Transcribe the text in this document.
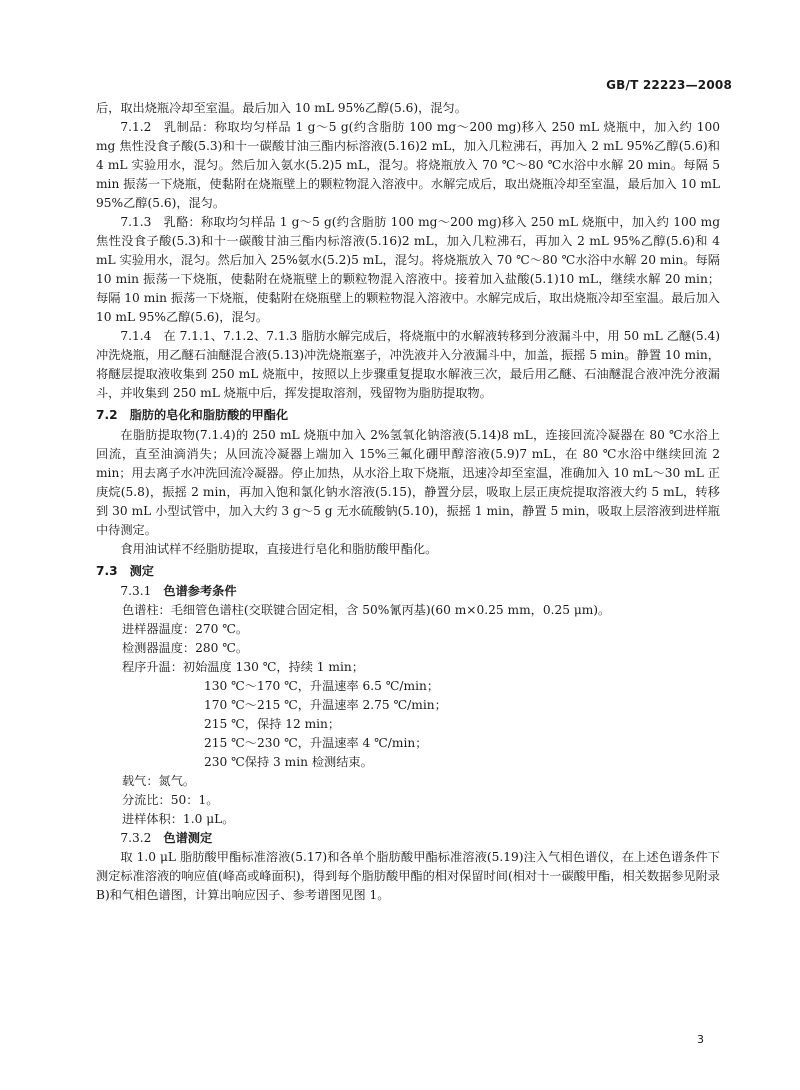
GB/T 22223—2008
后，取出烧瓶冷却至室温。最后加入 10 mL 95%乙醇(5.6)，混匀。
7.1.2 乳制品：称取均匀样品 1 g～5 g(约含脂肪 100 mg～200 mg)移入 250 mL 烧瓶中，加入约 100 mg 焦性没食子酸(5.3)和十一碳酸甘油三酯内标溶液(5.16)2 mL，加入几粒沸石，再加入 2 mL 95%乙醇(5.6)和 4 mL 实验用水，混匀。然后加入氨水(5.2)5 mL，混匀。将烧瓶放入 70 ℃～80 ℃水浴中水解 20 min。每隔 5 min 振荡一下烧瓶，使黏附在烧瓶壁上的颗粒物混入溶液中。水解完成后，取出烧瓶冷却至室温，最后加入 10 mL 95%乙醇(5.6)，混匀。
7.1.3 乳酪：称取均匀样品 1 g～5 g(约含脂肪 100 mg～200 mg)移入 250 mL 烧瓶中，加入约 100 mg 焦性没食子酸(5.3)和十一碳酸甘油三酯内标溶液(5.16)2 mL，加入几粒沸石，再加入 2 mL 95%乙醇(5.6)和 4 mL 实验用水，混匀。然后加入 25%氨水(5.2)5 mL，混匀。将烧瓶放入 70 ℃～80 ℃水浴中水解 20 min。每隔 10 min 振荡一下烧瓶，使黏附在烧瓶壁上的颗粒物混入溶液中。接着加入盐酸(5.1)10 mL，继续水解 20 min；每隔 10 min 振荡一下烧瓶，使黏附在烧瓶壁上的颗粒物混入溶液中。水解完成后，取出烧瓶冷却至室温。最后加入 10 mL 95%乙醇(5.6)，混匀。
7.1.4 在 7.1.1、7.1.2、7.1.3 脂肪水解完成后，将烧瓶中的水解液转移到分液漏斗中，用 50 mL 乙醚(5.4)冲洗烧瓶，用乙醚石油醚混合液(5.13)冲洗烧瓶塞子，冲洗液并入分液漏斗中，加盖，振摇 5 min。静置 10 min，将醚层提取液收集到 250 mL 烧瓶中，按照以上步骤重复提取水解液三次，最后用乙醚、石油醚混合液冲洗分液漏斗，并收集到 250 mL 烧瓶中后，挥发提取溶剂，残留物为脂肪提取物。
7.2 脂肪的皂化和脂肪酸的甲酯化
在脂肪提取物(7.1.4)的 250 mL 烧瓶中加入 2%氢氧化钠溶液(5.14)8 mL，连接回流冷凝器在 80 ℃水浴上回流，直至油滴消失；从回流冷凝器上端加入 15%三氟化硼甲醇溶液(5.9)7 mL，在 80 ℃水浴中继续回流 2 min；用去离子水冲洗回流冷凝器。停止加热，从水浴上取下烧瓶，迅速冷却至室温，准确加入 10 mL～30 mL 正庚烷(5.8)，振摇 2 min，再加入饱和氯化钠水溶液(5.15)，静置分层，吸取上层正庚烷提取溶液大约 5 mL，转移到 30 mL 小型试管中，加入大约 3 g～5 g 无水硫酸钠(5.10)，振摇 1 min，静置 5 min，吸取上层溶液到进样瓶中待测定。
食用油试样不经脂肪提取，直接进行皂化和脂肪酸甲酯化。
7.3 测定
7.3.1 色谱参考条件
色谱柱：毛细管色谱柱(交联键合固定相，含 50%氰丙基)(60 m×0.25 mm，0.25 μm)。
进样器温度：270 ℃。
检测器温度：280 ℃。
程序升温：初始温度 130 ℃，持续 1 min；
130 ℃～170 ℃，升温速率 6.5 ℃/min；
170 ℃～215 ℃，升温速率 2.75 ℃/min；
215 ℃，保持 12 min；
215 ℃～230 ℃，升温速率 4 ℃/min；
230 ℃保持 3 min 检测结束。
载气：氮气。
分流比：50：1。
进样体积：1.0 μL。
7.3.2 色谱测定
取 1.0 μL 脂肪酸甲酯标准溶液(5.17)和各单个脂肪酸甲酯标准溶液(5.19)注入气相色谱仪，在上述色谱条件下测定标准溶液的响应值(峰高或峰面积)，得到每个脂肪酸甲酯的相对保留时间(相对十一碳酸甲酯，相关数据参见附录 B)和气相色谱图，计算出响应因子、参考谱图见图 1。
3
